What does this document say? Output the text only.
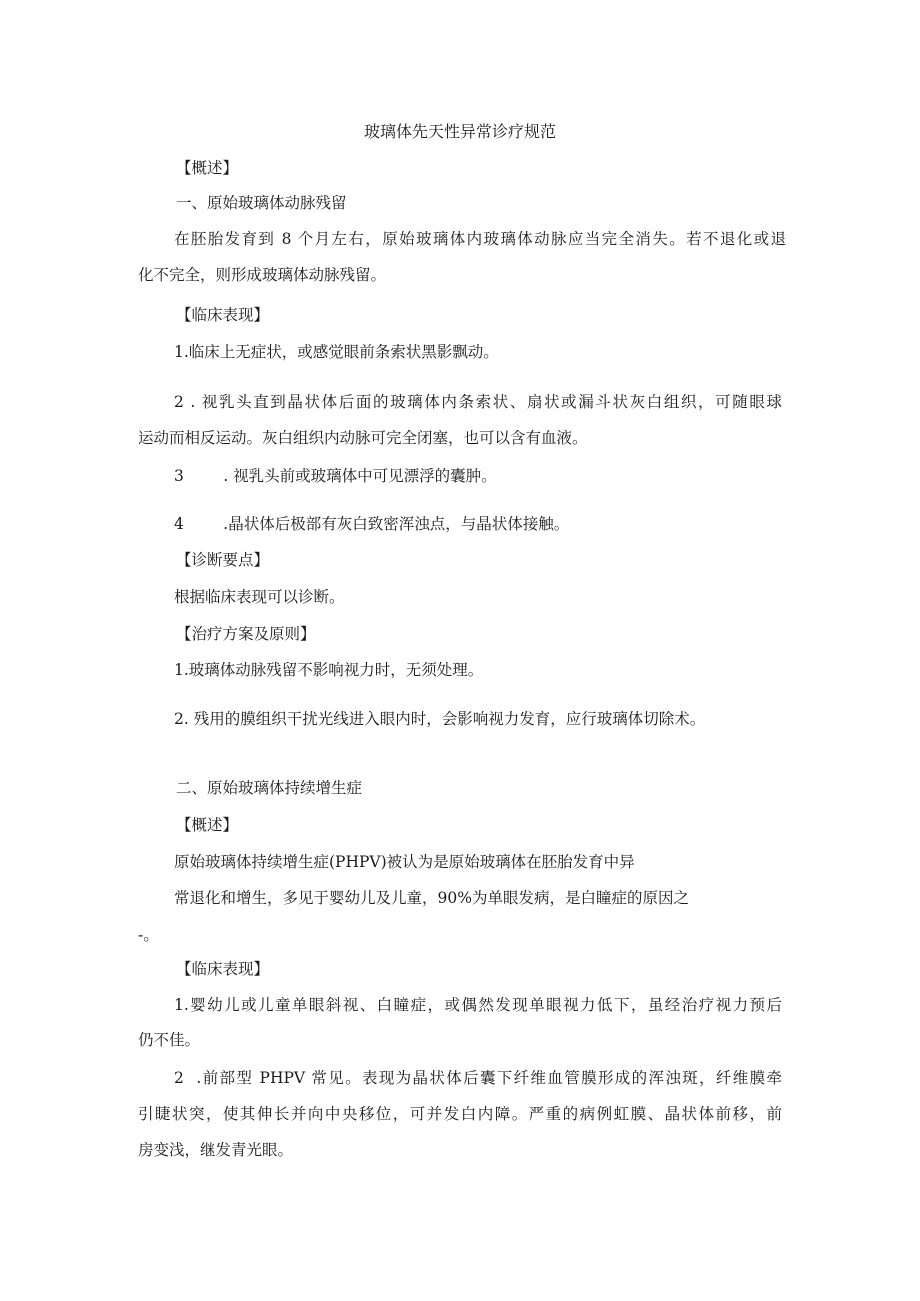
玻璃体先天性异常诊疗规范

【概述】

一、原始玻璃体动脉残留

在胚胎发育到 8 个月左右，原始玻璃体内玻璃体动脉应当完全消失。若不退化或退

化不完全，则形成玻璃体动脉残留。

【临床表现】

1.临床上无症状，或感觉眼前条索状黑影飘动。

2 . 视乳头直到晶状体后面的玻璃体内条索状、扇状或漏斗状灰白组织，可随眼球

运动而相反运动。灰白组织内动脉可完全闭塞，也可以含有血液。

3        . 视乳头前或玻璃体中可见漂浮的囊肿。

4        .晶状体后极部有灰白致密浑浊点，与晶状体接触。

【诊断要点】

根据临床表现可以诊断。

【治疗方案及原则】

1.玻璃体动脉残留不影响视力时，无须处理。

2. 残用的膜组织干扰光线进入眼内时，会影响视力发育，应行玻璃体切除术。

二、原始玻璃体持续增生症

【概述】

原始玻璃体持续增生症(PHPV)被认为是原始玻璃体在胚胎发育中异

常退化和增生，多见于婴幼儿及儿童，90%为单眼发病，是白瞳症的原因之

-。

【临床表现】

1.婴幼儿或儿童单眼斜视、白瞳症，或偶然发现单眼视力低下，虽经治疗视力预后

仍不佳。

2  .前部型 PHPV 常见。表现为晶状体后囊下纤维血管膜形成的浑浊斑，纤维膜牵

引睫状突，使其伸长并向中央移位，可并发白内障。严重的病例虹膜、晶状体前移，前

房变浅，继发青光眼。
